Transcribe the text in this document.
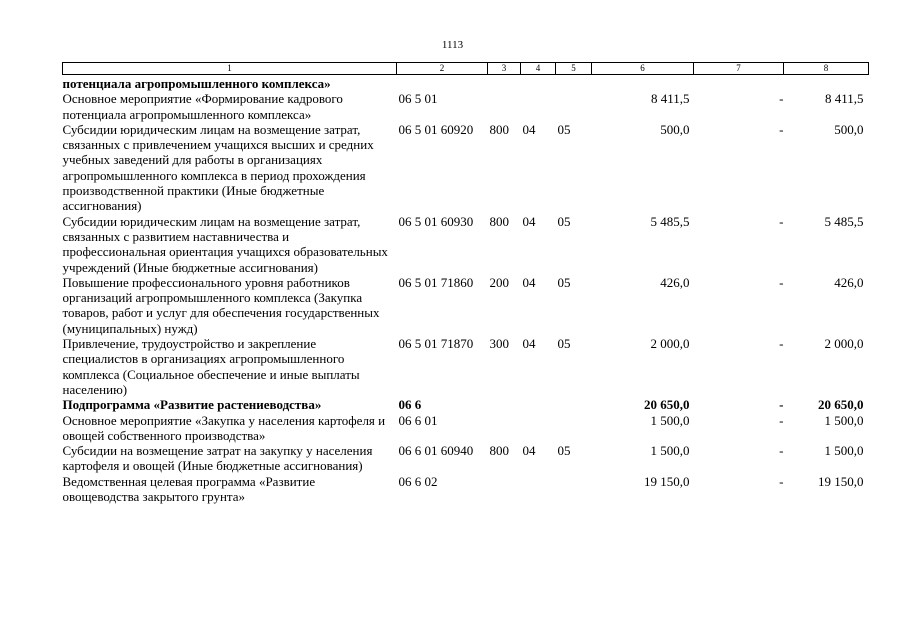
1113
1	2	3	4	5	6	7	8
потенциала агропромышленного комплекса»							
Основное мероприятие «Формирование кадрового потенциала агропромышленного комплекса»	06 5 01				8 411,5	-	8 411,5
Субсидии юридическим лицам на возмещение затрат, связанных с привлечением учащихся высших и средних учебных заведений для работы в организациях агропромышленного комплекса в период прохождения производственной практики (Иные бюджетные ассигнования)	06 5 01 60920	800	04	05	500,0	-	500,0
Субсидии юридическим лицам на возмещение затрат, связанных с развитием наставничества и профессиональная ориентация учащихся образовательных учреждений (Иные бюджетные ассигнования)	06 5 01 60930	800	04	05	5 485,5	-	5 485,5
Повышение профессионального уровня работников организаций агропромышленного комплекса (Закупка товаров, работ и услуг для обеспечения государственных (муниципальных) нужд)	06 5 01 71860	200	04	05	426,0	-	426,0
Привлечение, трудоустройство и закрепление специалистов в организациях агропромышленного комплекса (Социальное обеспечение и иные выплаты населению)	06 5 01 71870	300	04	05	2 000,0	-	2 000,0
Подпрограмма «Развитие растениеводства»	06 6				20 650,0	-	20 650,0
Основное мероприятие «Закупка у населения картофеля и овощей собственного производства»	06 6 01				1 500,0	-	1 500,0
Субсидии на возмещение затрат на закупку у населения картофеля и овощей (Иные бюджетные ассигнования)	06 6 01 60940	800	04	05	1 500,0	-	1 500,0
Ведомственная целевая программа «Развитие овощеводства закрытого грунта»	06 6 02				19 150,0	-	19 150,0
